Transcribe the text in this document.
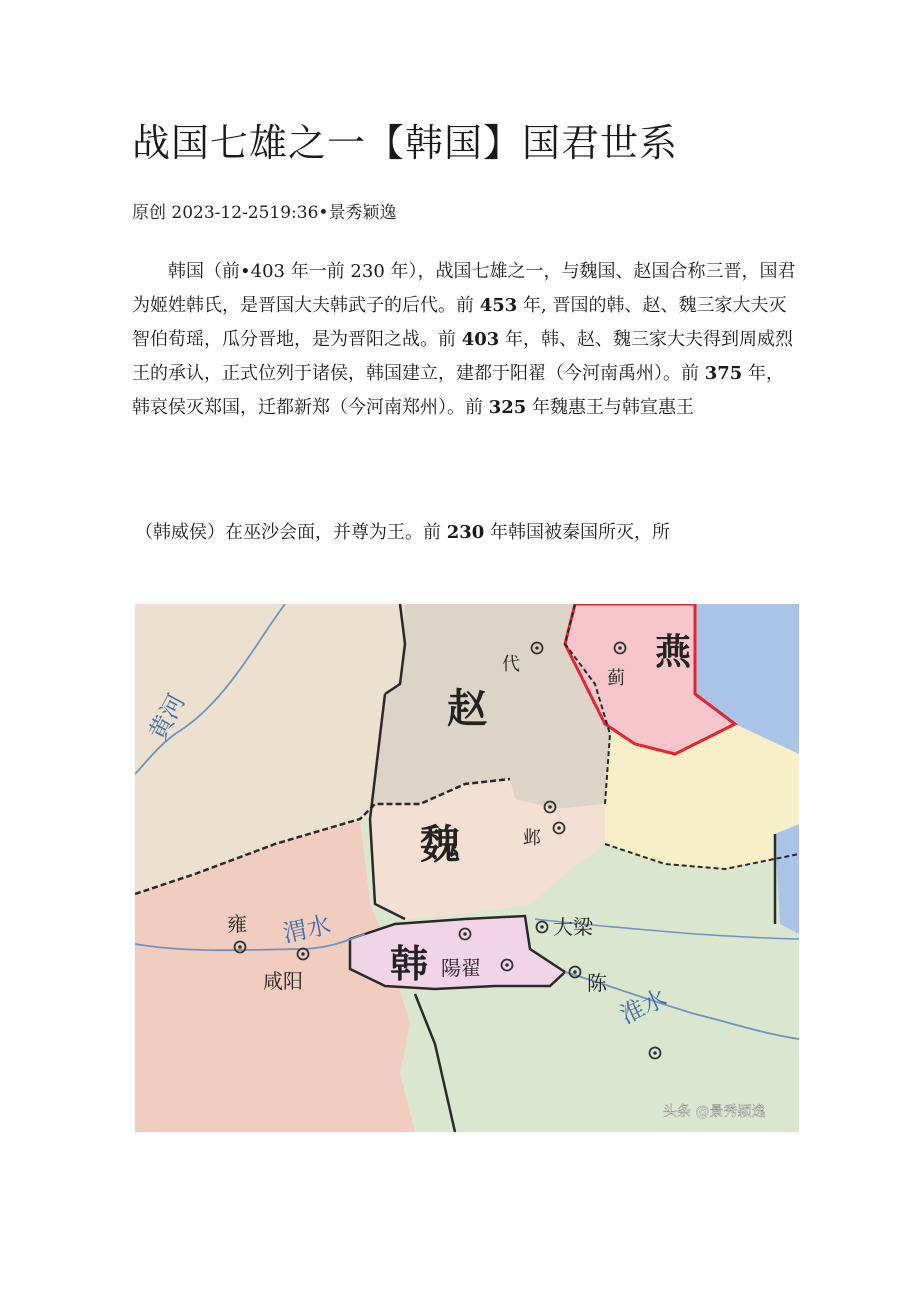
战国七雄之一【韩国】国君世系
原创 2023-12-2519:36•景秀颖逸

韩国（前•403 年一前 230 年），战国七雄之一，与魏国、赵国合称三晋，国君为姬姓韩氏，是晋国大夫韩武子的后代。前 453 年, 晋国的韩、赵、魏三家大夫灭智伯荀瑶，瓜分晋地，是为晋阳之战。前 403 年，韩、赵、魏三家大夫得到周威烈王的承认，正式位列于诸侯，韩国建立，建都于阳翟（今河南禹州）。前 375 年，韩哀侯灭郑国，迁都新郑（今河南郑州）。前 325 年魏惠王与韩宣惠王

（韩威侯）在巫沙会面，并尊为王。前 230 年韩国被秦国所灭，所

赵
燕
魏
韩
代
蓟
邺
雍
咸阳
陽翟
大梁
陈
渭水
淮水
黄河
头条 @景秀颖逸
